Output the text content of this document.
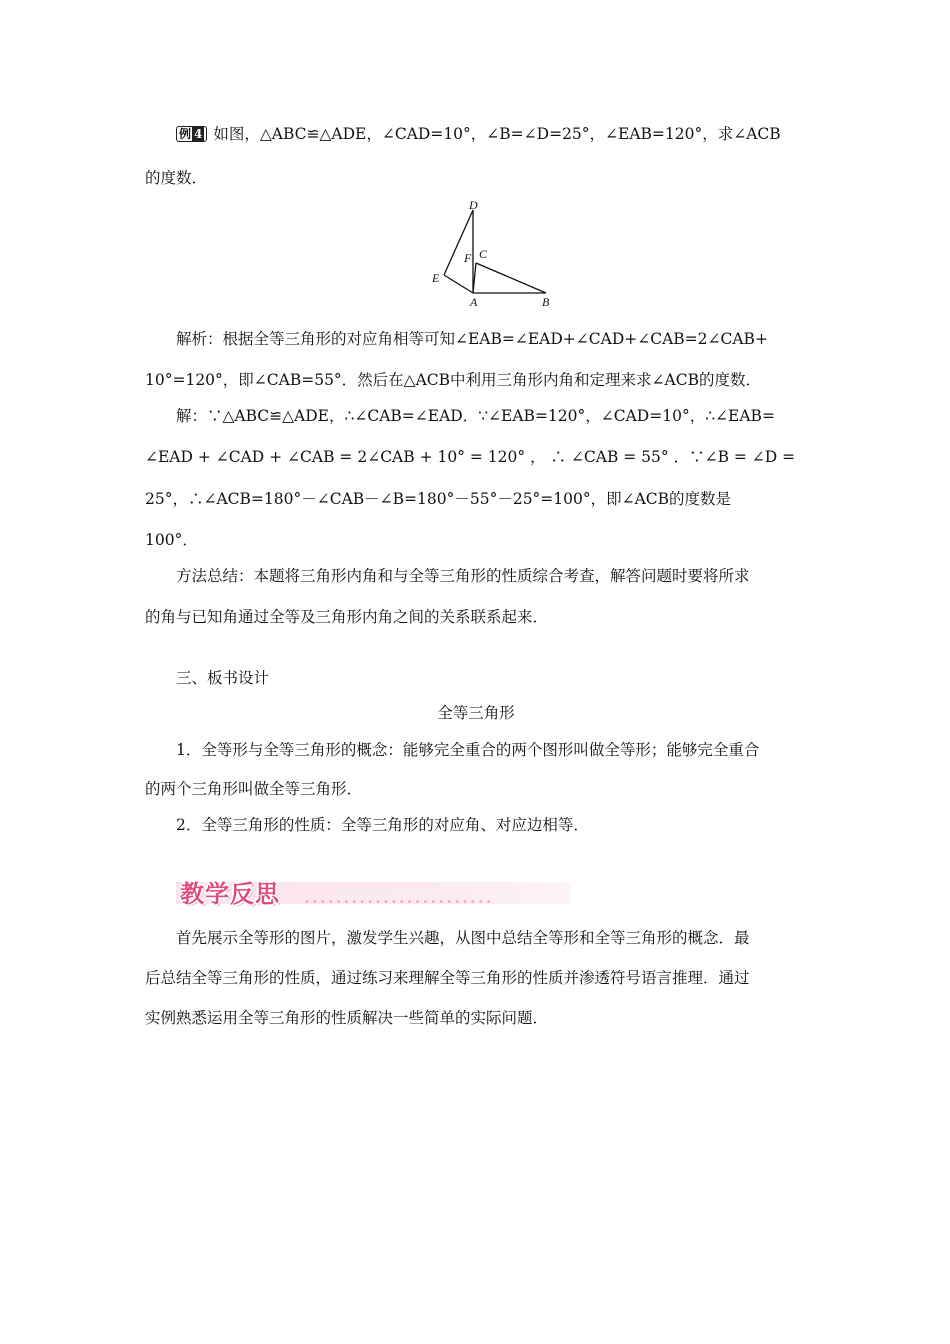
例 4 如图，△ABC≌△ADE，∠CAD=10°，∠B=∠D=25°，∠EAB=120°，求∠ACB
的度数．
D
C
F
E
A	B
解析：根据全等三角形的对应角相等可知∠EAB=∠EAD+∠CAD+∠CAB=2∠CAB+
10°=120°，即∠CAB=55°．然后在△ACB中利用三角形内角和定理来求∠ACB的度数．
解：∵△ABC≌△ADE，∴∠CAB=∠EAD．∵∠EAB=120°，∠CAD=10°，∴∠EAB=
∠EAD + ∠CAD + ∠CAB = 2∠CAB + 10° = 120° ， ∴ ∠CAB = 55° ．∵∠B = ∠D =
25°，∴∠ACB=180°－∠CAB－∠B=180°－55°－25°=100°，即∠ACB的度数是
100°．
方法总结：本题将三角形内角和与全等三角形的性质综合考查，解答问题时要将所求
的角与已知角通过全等及三角形内角之间的关系联系起来．
三、板书设计
全等三角形
1．全等形与全等三角形的概念：能够完全重合的两个图形叫做全等形；能够完全重合
的两个三角形叫做全等三角形．
2．全等三角形的性质：全等三角形的对应角、对应边相等．
••••••••••••••••••••••••
教学反思
首先展示全等形的图片，激发学生兴趣，从图中总结全等形和全等三角形的概念．最
后总结全等三角形的性质，通过练习来理解全等三角形的性质并渗透符号语言推理．通过
实例熟悉运用全等三角形的性质解决一些简单的实际问题．
